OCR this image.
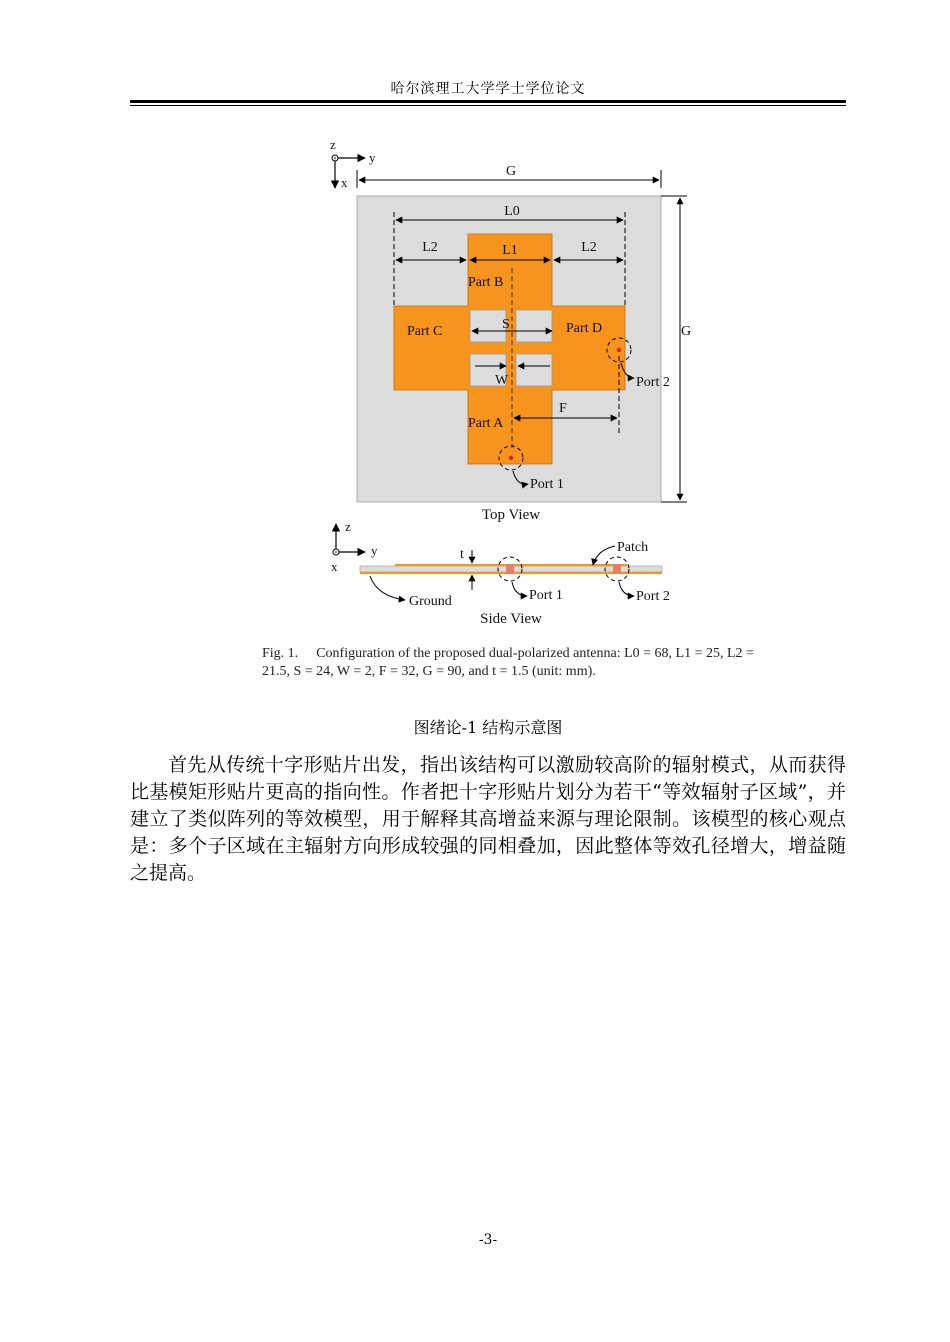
哈尔滨理工大学学士学位论文
z
y
x
G
L0
L2	L1	L2
G
S
W
F
Part B
Part C	Part D
Part A
Port 1
Port 2
Top View
z
y
x
t
Port 1	Port 2
Patch
Ground
Side View
Fig. 1. Configuration of the proposed dual-polarized antenna: L0 = 68, L1 = 25, L2 = 21.5, S = 24, W = 2, F = 32, G = 90, and t = 1.5 (unit: mm).
图绪论-1 结构示意图
首先从传统十字形贴片出发，指出该结构可以激励较高阶的辐射模式，从而获得比基模矩形贴片更高的指向性。作者把十字形贴片划分为若干“等效辐射子区域”，并建立了类似阵列的等效模型，用于解释其高增益来源与理论限制。该模型的核心观点是：多个子区域在主辐射方向形成较强的同相叠加，因此整体等效孔径增大，增益随之提高。
-3-
